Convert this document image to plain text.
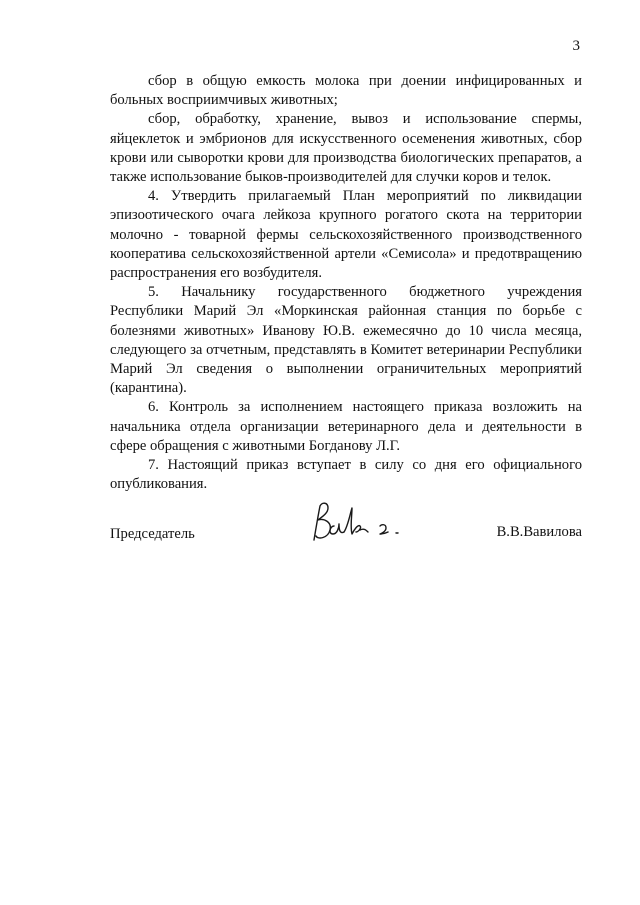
3

сбор в общую емкость молока при доении инфицированных и больных восприимчивых животных;

сбор, обработку, хранение, вывоз и использование спермы, яйцеклеток и эмбрионов для искусственного осеменения животных, сбор крови или сыворотки крови для производства биологических препаратов, а также использование быков-производителей для случки коров и телок.

4. Утвердить прилагаемый План мероприятий по ликвидации эпизоотического очага лейкоза крупного рогатого скота на территории молочно - товарной фермы сельскохозяйственного производственного кооператива сельскохозяйственной артели «Семисола» и предотвращению распространения его возбудителя.

5. Начальнику государственного бюджетного учреждения Республики Марий Эл «Моркинская районная станция по борьбе с болезнями животных» Иванову Ю.В. ежемесячно до 10 числа месяца, следующего за отчетным, представлять в Комитет ветеринарии Республики Марий Эл сведения о выполнении ограничительных мероприятий (карантина).

6. Контроль за исполнением настоящего приказа возложить на начальника отдела организации ветеринарного дела и деятельности в сфере обращения с животными Богданову Л.Г.

7. Настоящий приказ вступает в силу со дня его официального опубликования.

Председатель	В.В.Вавилова
